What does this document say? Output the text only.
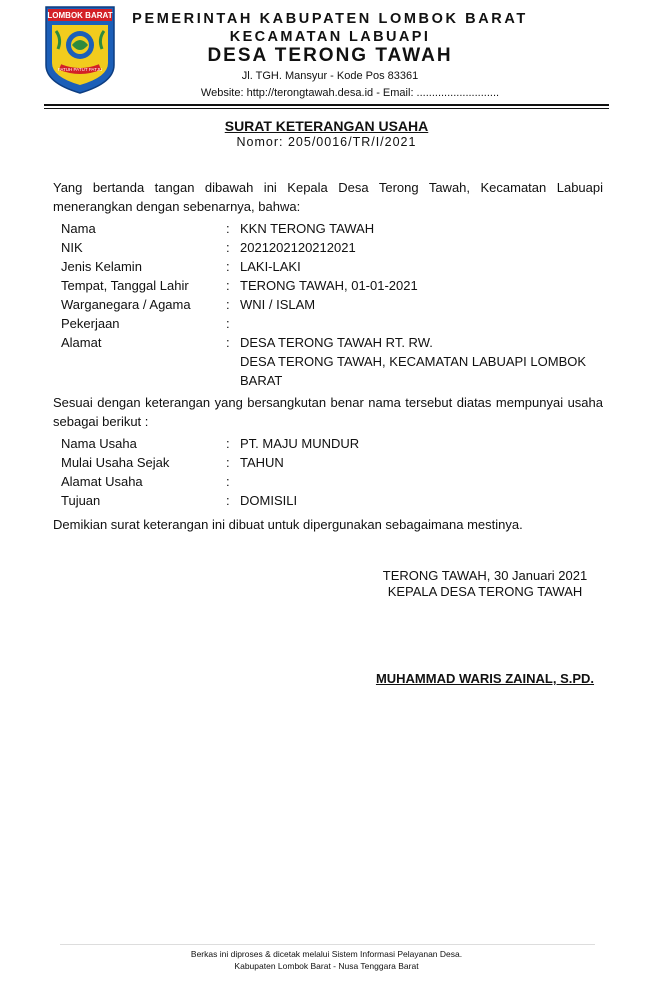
LOMBOK BARAT
PATUH PATUT PATJU

PEMERINTAH KABUPATEN LOMBOK BARAT

KECAMATAN LABUAPI

DESA TERONG TAWAH

Jl. TGH. Mansyur - Kode Pos 83361

Website: http://terongtawah.desa.id - Email: ...........................

SURAT KETERANGAN USAHA
Nomor: 205/0016/TR/I/2021

Yang bertanda tangan dibawah ini Kepala Desa Terong Tawah, Kecamatan Labuapi menerangkan dengan sebenarnya, bahwa:

Nama	: KKN TERONG TAWAH
NIK	: 2021202120212021
Jenis Kelamin	: LAKI-LAKI
Tempat, Tanggal Lahir	: TERONG TAWAH, 01-01-2021
Warganegara / Agama	: WNI / ISLAM
Pekerjaan	:
Alamat	: DESA TERONG TAWAH RT. RW.
DESA TERONG TAWAH, KECAMATAN LABUAPI LOMBOK
BARAT

Sesuai dengan keterangan yang bersangkutan benar nama tersebut diatas mempunyai usaha sebagai berikut :

Nama Usaha	: PT. MAJU MUNDUR
Mulai Usaha Sejak	: TAHUN
Alamat Usaha	:
Tujuan	: DOMISILI

Demikian surat keterangan ini dibuat untuk dipergunakan sebagaimana mestinya.

TERONG TAWAH, 30 Januari 2021
KEPALA DESA TERONG TAWAH
MUHAMMAD WARIS ZAINAL, S.PD.
Berkas ini diproses & dicetak melalui Sistem Informasi Pelayanan Desa.
Kabupaten Lombok Barat - Nusa Tenggara Barat
